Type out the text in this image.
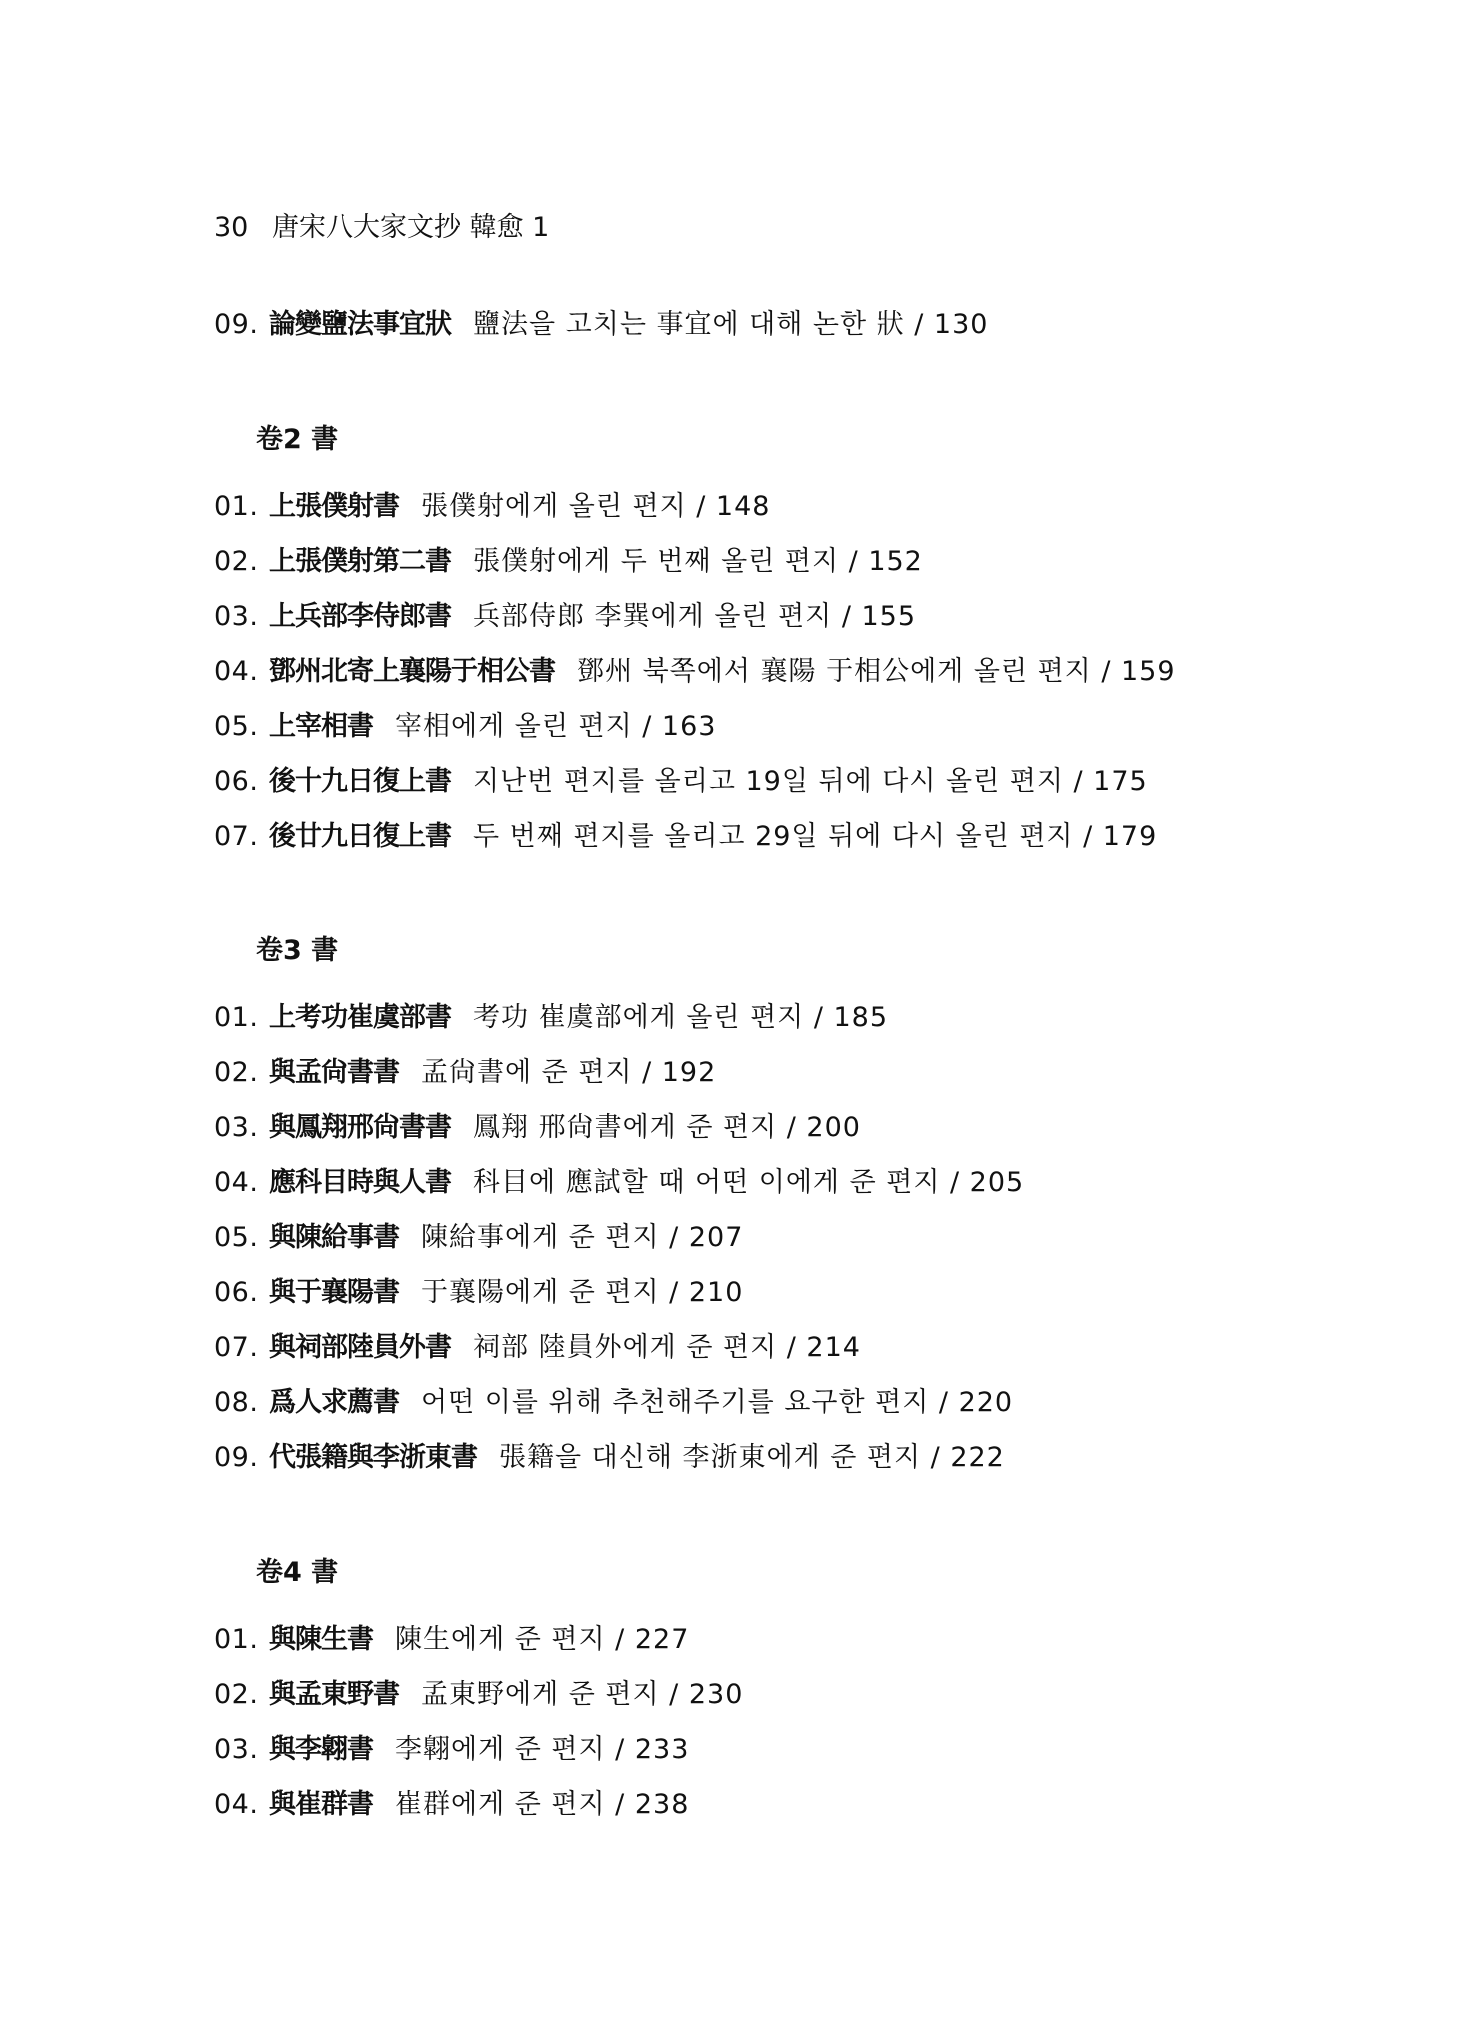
30 唐宋八大家文抄 韓愈 1
09. 論變鹽法事宜狀 鹽法을 고치는 事宜에 대해 논한 狀 / 130
卷2 書
01. 上張僕射書 張僕射에게 올린 편지 / 148
02. 上張僕射第二書 張僕射에게 두 번째 올린 편지 / 152
03. 上兵部李侍郎書 兵部侍郎 李巽에게 올린 편지 / 155
04. 鄧州北寄上襄陽于相公書 鄧州 북쪽에서 襄陽 于相公에게 올린 편지 / 159
05. 上宰相書 宰相에게 올린 편지 / 163
06. 後十九日復上書 지난번 편지를 올리고 19일 뒤에 다시 올린 편지 / 175
07. 後廿九日復上書 두 번째 편지를 올리고 29일 뒤에 다시 올린 편지 / 179
卷3 書
01. 上考功崔虞部書 考功 崔虞部에게 올린 편지 / 185
02. 與孟尙書書 孟尙書에 준 편지 / 192
03. 與鳳翔邢尙書書 鳳翔 邢尙書에게 준 편지 / 200
04. 應科目時與人書 科目에 應試할 때 어떤 이에게 준 편지 / 205
05. 與陳給事書 陳給事에게 준 편지 / 207
06. 與于襄陽書 于襄陽에게 준 편지 / 210
07. 與祠部陸員外書 祠部 陸員外에게 준 편지 / 214
08. 爲人求薦書 어떤 이를 위해 추천해주기를 요구한 편지 / 220
09. 代張籍與李浙東書 張籍을 대신해 李浙東에게 준 편지 / 222
卷4 書
01. 與陳生書 陳生에게 준 편지 / 227
02. 與孟東野書 孟東野에게 준 편지 / 230
03. 與李翺書 李翺에게 준 편지 / 233
04. 與崔群書 崔群에게 준 편지 / 238
